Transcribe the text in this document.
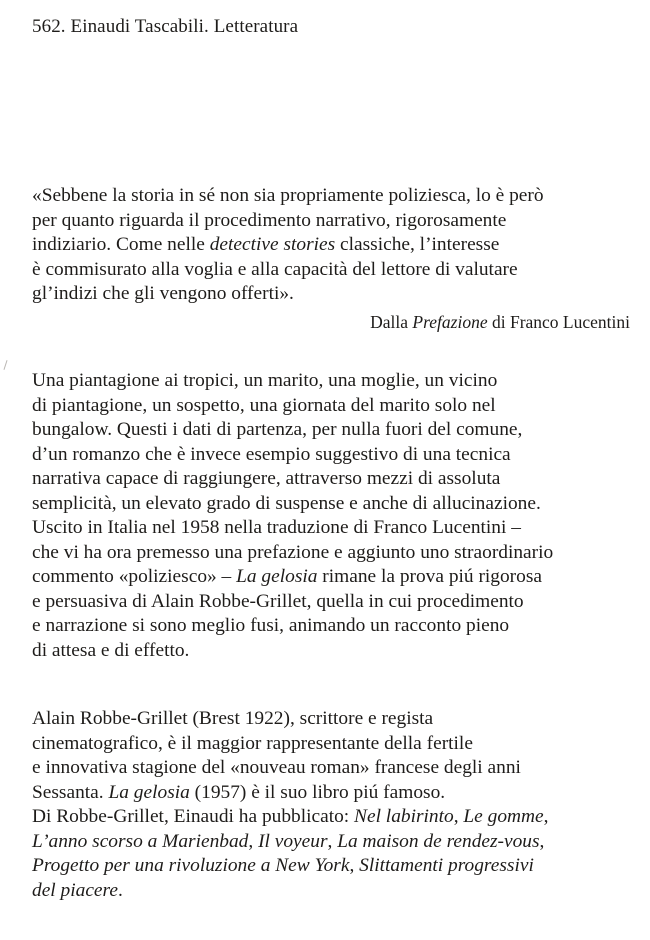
562. Einaudi Tascabili. Letteratura
«Sebbene la storia in sé non sia propriamente poliziesca, lo è però
per quanto riguarda il procedimento narrativo, rigorosamente
indiziario. Come nelle detective stories classiche, l’interesse
è commisurato alla voglia e alla capacità del lettore di valutare
gl’indizi che gli vengono offerti».
Dalla Prefazione di Franco Lucentini
Una piantagione ai tropici, un marito, una moglie, un vicino
di piantagione, un sospetto, una giornata del marito solo nel
bungalow. Questi i dati di partenza, per nulla fuori del comune,
d’un romanzo che è invece esempio suggestivo di una tecnica
narrativa capace di raggiungere, attraverso mezzi di assoluta
semplicità, un elevato grado di suspense e anche di allucinazione.
Uscito in Italia nel 1958 nella traduzione di Franco Lucentini –
che vi ha ora premesso una prefazione e aggiunto uno straordinario
commento «poliziesco» – La gelosia rimane la prova piú rigorosa
e persuasiva di Alain Robbe-Grillet, quella in cui procedimento
e narrazione si sono meglio fusi, animando un racconto pieno
di attesa e di effetto.
Alain Robbe-Grillet (Brest 1922), scrittore e regista
cinematografico, è il maggior rappresentante della fertile
e innovativa stagione del «nouveau roman» francese degli anni
Sessanta. La gelosia (1957) è il suo libro piú famoso.
Di Robbe-Grillet, Einaudi ha pubblicato: Nel labirinto, Le gomme,
L’anno scorso a Marienbad, Il voyeur, La maison de rendez-vous,
Progetto per una rivoluzione a New York, Slittamenti progressivi
del piacere.
